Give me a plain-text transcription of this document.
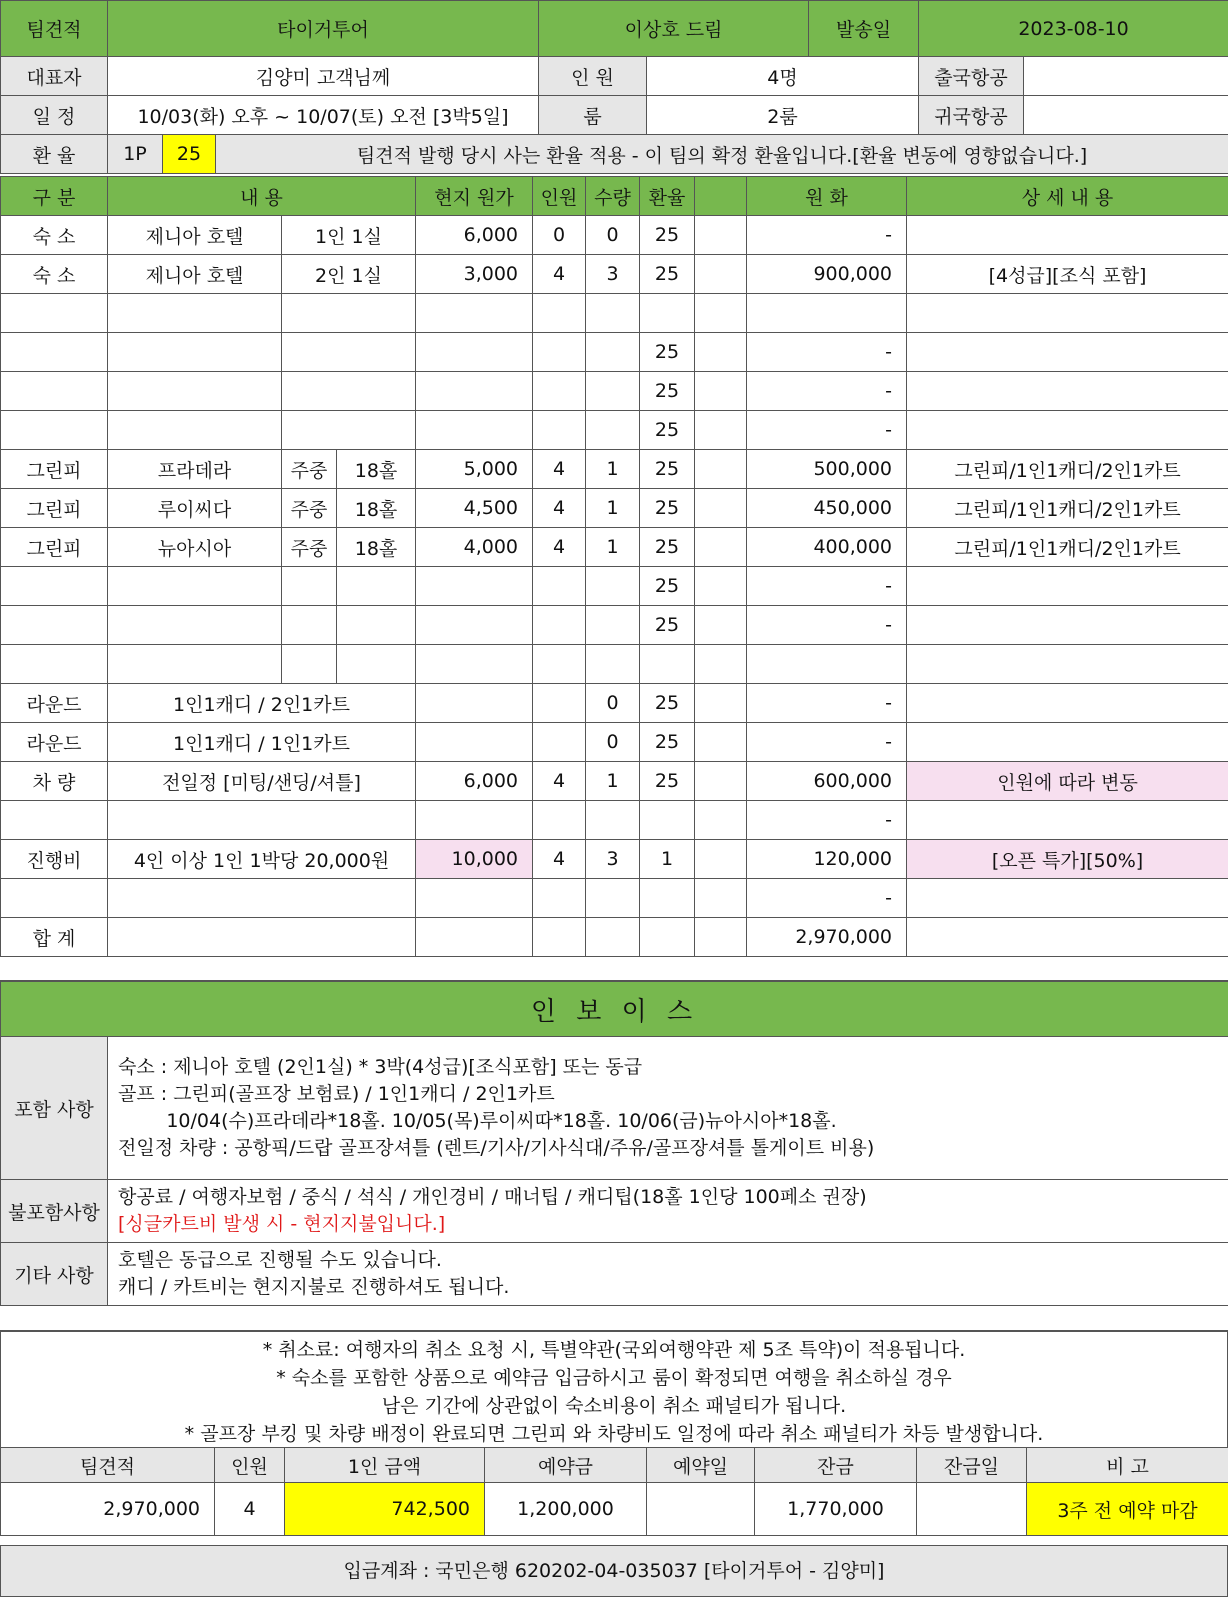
팀견적	타이거투어			이상호 드림		발송일	2023-08-10	
대표자	김양미 고객님께			인 원	4명		출국항공	
일 정	10/03(화) 오후 ~ 10/07(토) 오전 [3박5일]			룸	2룸		귀국항공	
환 율	1P	25	팀견적 발행 당시 사는 환율 적용 - 이 팀의 확정 환율입니다.[환율 변동에 영향없습니다.]					
구 분	내 용			현지 원가	인원	수량	환율		원 화	상 세 내 용
숙 소	제니아 호텔	1인 1실		6,000	0	0	25		-	
숙 소	제니아 호텔	2인 1실		3,000	4	3	25		900,000	[4성급][조식 포함]

							25		-	
							25		-	
							25		-	
그린피	프라데라	주중	18홀	5,000	4	1	25		500,000	그린피/1인1캐디/2인1카트
그린피	루이씨다	주중	18홀	4,500	4	1	25		450,000	그린피/1인1캐디/2인1카트
그린피	뉴아시아	주중	18홀	4,000	4	1	25		400,000	그린피/1인1캐디/2인1카트
							25		-	
							25		-	

라운드	1인1캐디 / 2인1카트					0	25		-	
라운드	1인1캐디 / 1인1카트					0	25		-	
차 량	전일정 [미팅/샌딩/셔틀]			6,000	4	1	25		600,000	인원에 따라 변동
									-	
진행비	4인 이상 1인 1박당 20,000원			10,000	4	3	1		120,000	[오픈 특가][50%]
									-	
합 계									2,970,000	
인 보 이 스	
포함 사항	숙소 : 제니아 호텔 (2인1실) * 3박(4성급)[조식포함] 또는 동급
골프 : 그린피(골프장 보험료) / 1인1캐디 / 2인1카트
10/04(수)프라데라*18홀. 10/05(목)루이씨따*18홀. 10/06(금)뉴아시아*18홀.
전일정 차량 : 공항픽/드랍 골프장셔틀 (렌트/기사/기사식대/주유/골프장셔틀 톨게이트 비용)

불포함사항	항공료 / 여행자보험 / 중식 / 석식 / 개인경비 / 매너팁 / 캐디팁(18홀 1인당 100페소 권장)
[싱글카트비 발생 시 - 현지지불입니다.]

기타 사항	호텔은 동급으로 진행될 수도 있습니다.
캐디 / 카트비는 현지지불로 진행하셔도 됩니다.
* 취소료: 여행자의 취소 요청 시, 특별약관(국외여행약관 제 5조 특약)이 적용됩니다.
* 숙소를 포함한 상품으로 예약금 입금하시고 룸이 확정되면 여행을 취소하실 경우
남은 기간에 상관없이 숙소비용이 취소 패널티가 됩니다.
* 골프장 부킹 및 차량 배정이 완료되면 그린피 와 차량비도 일정에 따라 취소 패널티가 차등 발생합니다.
팀견적	인원	1인 금액	예약금	예약일	잔금	잔금일	비 고
2,970,000	4	742,500	1,200,000		1,770,000		3주 전 예약 마감
입금계좌 : 국민은행 620202-04-035037 [타이거투어 - 김양미]
